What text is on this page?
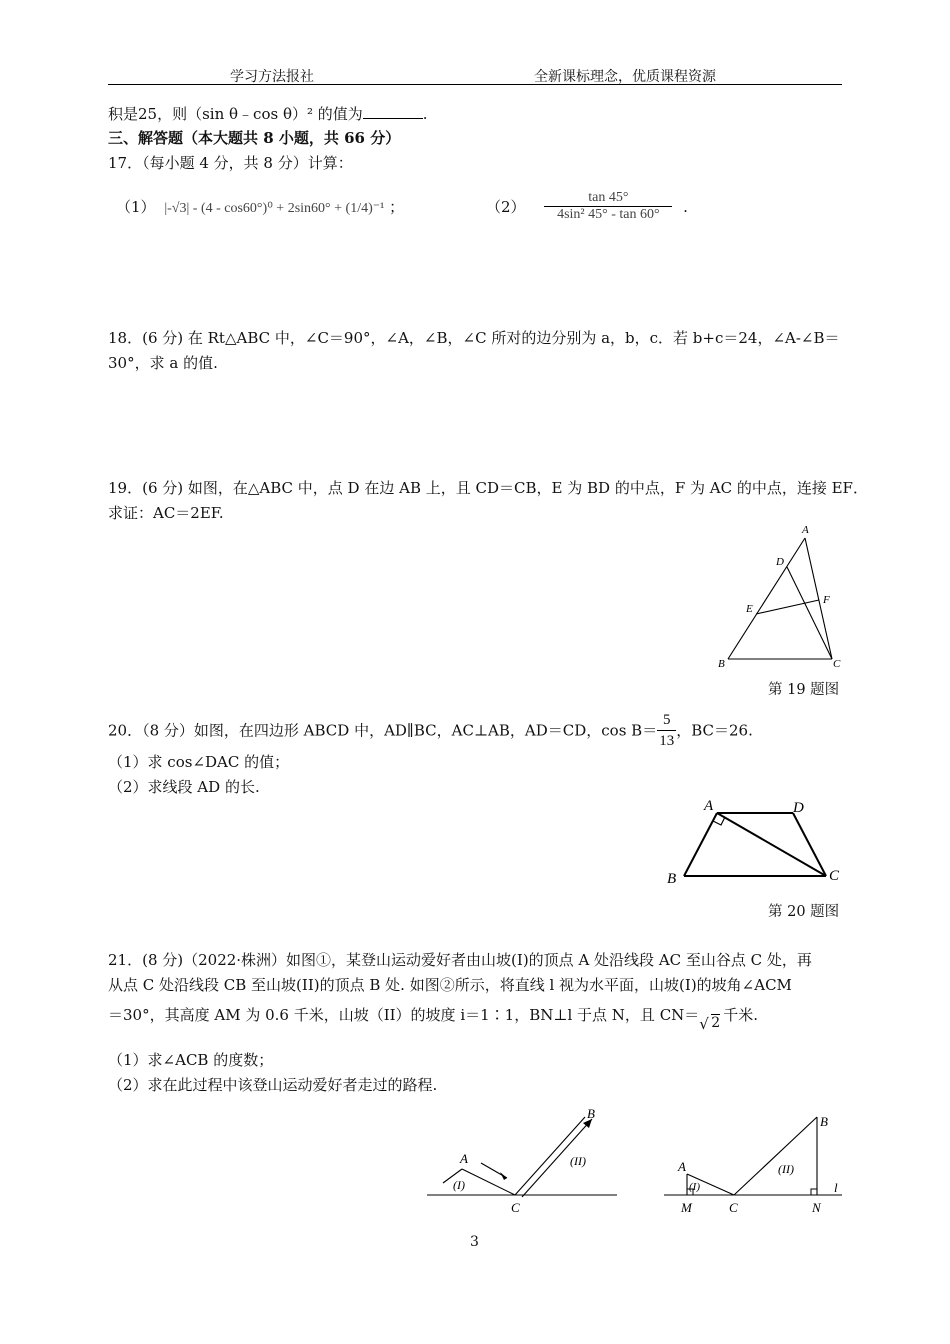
学习方法报社	全新课标理念，优质课程资源
积是25，则（sin θ﹣cos θ）² 的值为	.
三、解答题（本大题共 8 小题，共 66 分）
17．（每小题 4 分，共 8 分）计算：
（1） |-√3| - (4 - cos60°)⁰ + 2sin60° + (1/4)⁻¹ ；	$(2) \frac{\tan 45^\circ}{\text{4sin² 45° - tan 60°}}$ .
18．(6 分) 在 Rt△ABC 中，∠C＝90°，∠A，∠B，∠C 所对的边分别为 a，b，c．若 b+c＝24，∠A-∠B＝
30°，求 a 的值.
19．(6 分) 如图，在△ABC 中，点 D 在边 AB 上，且 CD＝CB，E 为 BD 的中点，F 为 AC 的中点，连接 EF．
求证：AC＝2EF.
A
B	C
D
E
F
第 19 题图
20．（8 分）如图，在四边形 ABCD 中，AD∥BC，AC⊥AB，AD＝CD，$\cos B= \frac{5}{13}$ ，BC＝26.
（1）求 cos∠DAC 的值；
（2）求线段 AD 的长.
A
B	C
D
第 20 题图
21．(8 分)（2022·株洲）如图①，某登山运动爱好者由山坡(I)的顶点 A 处沿线段 AC 至山谷点 C 处，再
从点 C 处沿线段 CB 至山坡(II)的顶点 B 处. 如图②所示，将直线 l 视为水平面，山坡(I)的坡角∠ACM
＝30°，其高度 AM 为 0.6 千米，山坡（II）的坡度 i＝1∶1，BN⊥l 于点 N，且 CN＝ √ 2 千米.
（1）求∠ACB 的度数；
（2）求在此过程中该登山运动爱好者走过的路程.
A
B
C
(I)
(II)	A
B
C
M	N
l
(I)
(II)
3
